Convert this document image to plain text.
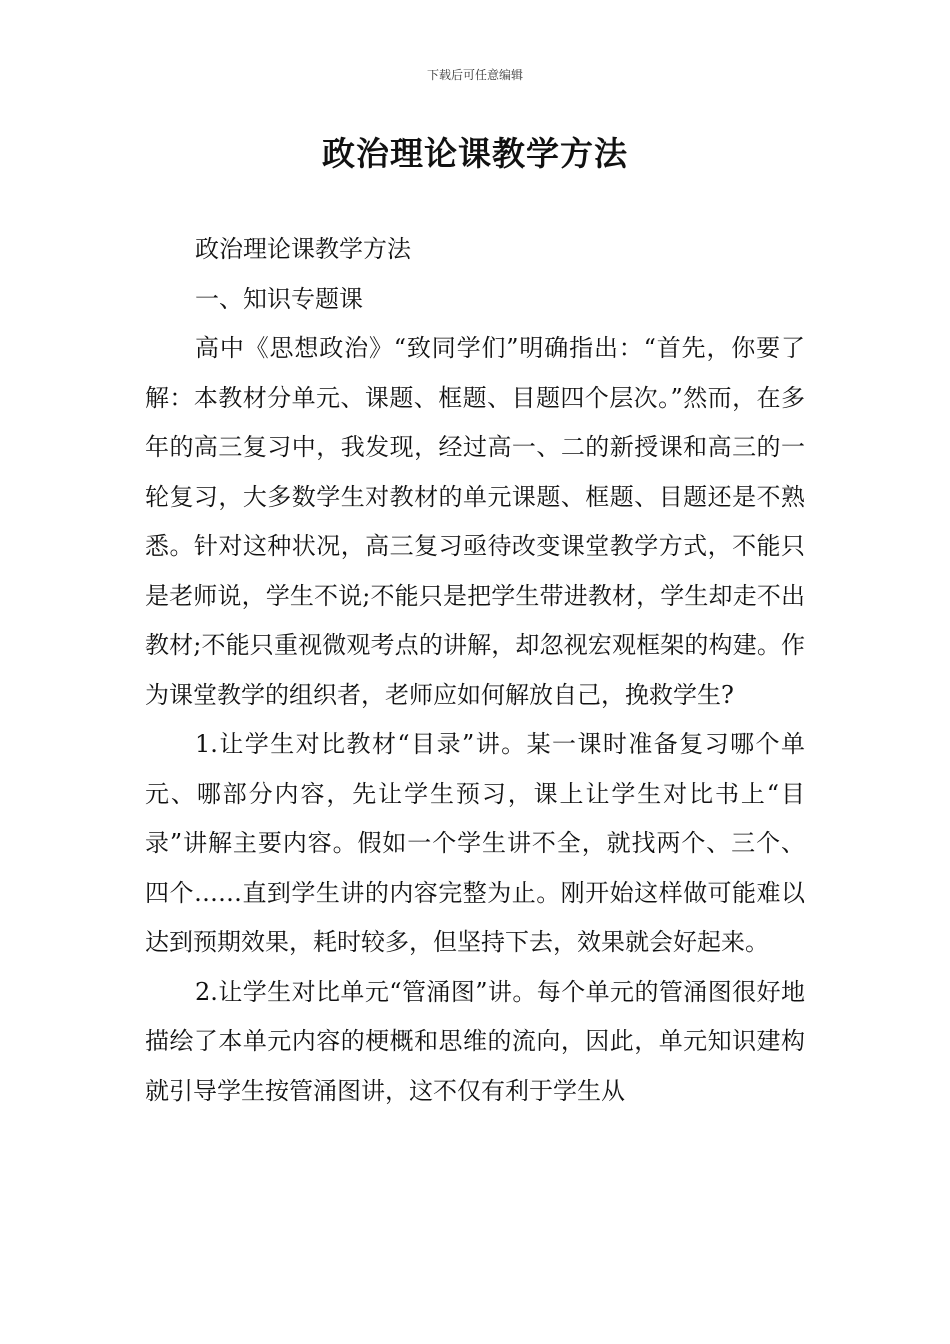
下载后可任意编辑
政治理论课教学方法

政治理论课教学方法

一、知识专题课

高中《思想政治》“致同学们”明确指出：“首先，你要了解：本教材分单元、课题、框题、目题四个层次。”然而，在多年的高三复习中，我发现，经过高一、二的新授课和高三的一轮复习，大多数学生对教材的单元课题、框题、目题还是不熟悉。针对这种状况，高三复习亟待改变课堂教学方式，不能只是老师说，学生不说;不能只是把学生带进教材，学生却走不出教材;不能只重视微观考点的讲解，却忽视宏观框架的构建。作为课堂教学的组织者，老师应如何解放自己，挽救学生?

1.让学生对比教材“目录”讲。某一课时准备复习哪个单元、哪部分内容，先让学生预习，课上让学生对比书上“目录”讲解主要内容。假如一个学生讲不全，就找两个、三个、四个……直到学生讲的内容完整为止。刚开始这样做可能难以达到预期效果，耗时较多，但坚持下去，效果就会好起来。

2.让学生对比单元“管涌图”讲。每个单元的管涌图很好地描绘了本单元内容的梗概和思维的流向，因此，单元知识建构就引导学生按管涌图讲，这不仅有利于学生从
